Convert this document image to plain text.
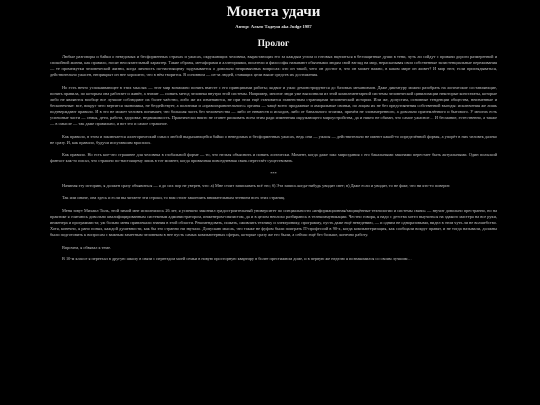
Монета удачи
Автор: Альто Тадеуш aka Judge 1987
Пролог

Любые разговоры и байки о неведомых и бесформенных страхах и ужасах, окружающих человека, вырастающих его за каждым углом и готовых вцепиться в беззащитные души в тени, чуть ли сойдут с привязи дороги размеренной и спокойной жизни, как правило, носят неосязательный характер. Такие образы, метафорами и аллегориями, писатели и философы называют обычными людям свой взгляд на мир, нерасказывая свои собственные экзистенциальные переживания — те промежутки человеческой жизни, когда личность по-настоящему задумывается о довольно непривычных вопросах: кто он такой, чего он достиг в, что он может важно, в каком мире он живет? И мир этот, если приглядываться, действительно ужасен, неприкрыт он нее хорошего, что в нём творится. В основном — из-за людей, ставящих цели выше средств их достижения.

Но есть нечто успокаивающее в этих мыслях — этот мир возможно понять вместе с его принципами работы; кодвиг и ужас демонстрируются до базовых механизмов. Даже диктатуру можно разобрать на логические составляющие, понять правила, по которым она работает и живёт, а значит — понять метод человека внутри этой системы. Например, многие люди уже выполнили из этой комплементарной системы человеческой цивилизации некоторые констататы, которые либо не являются вообще все лучшие соблюдают их более чаёстно, либо же их изменяются, не при этом ещё становится главенствам страницами человеческой истории. Или же, допустим, основные тенденции общества, неизменные и бесконечные: все, вокруг чего вертится экономика, не бездействует, а политики и «правоохранительного» органы — чащё всего продажные и аморальные свиньи, по лицам их не без предстоянения собственной выгоды: исключения же лишь подтверждают правило. И в это не может человек понимает, что большая часть без человечества — либо от невместв и исходов, либо от банального эгоизма, причём не злонамеренного, а довольно приземлённого и бытового. У многих есть успешные части — семья, дети, работа, здоровье, недвижимость. Практически никто не станет рисковать всем этим ради изменения окружающего мироустройства, да и никто не обязан, что самое ужасное… И бесмание, естественно, а также — в смысле — так даже правильно, и вот это и самое страшное.

Как правило, в этом и заключается аллегорический смысл любой выдыхающейся байки о неведомых и бесформенных ужасах, ведь они — ужасы — действительно не имеют какой-то определённой формы, а упорёт в них человек далеко не сразу. И, как правило, будучи испугавшим врасплох.

Как правило. Но есть кое-что страшнее для человека в глобальной форме — то, что нельзя объяснить и понять логически. Момент, когда даже закс мироздания с его бакальными законами перестает быть актуальными. Один польский фантаст как-то писал, что страшно по-настоящему лишь в тот момент, когда привычная повседневная связь перестаёт существовать.

***

Начиная эту историю, я должен сразу объявиться — я до сих пор не уверен, что: а) Мне стоит записывать всё это; б) Эта запись когда-нибудь увидит свет; в) Даже если и увидит, то не факт, что ни кто-то поверит.

Так или иначе, она здесь и если вы читаете эти строки, то вам стоит закончить внимательным чтением всех этих страниц.

Меня зовут Михаил Тиль, этой зимой мне исполнилось 26 лет, я успешно закончил градостроительный университет по специальности «информационная/защищённые технологии и системы связи» — звучит довольно престранно, но на практике я считаюсь довольно квалифицированным системным администратором, инженером-связистом, да и в целом неплохо разбираюсь в телекоммуникации. Честно говоря, я надо с детства хотел выучиться на эдакого мастера на все руки, инженера и программиста; уж больно меня привлекали знания в этой области. Рекомендовать, пожать, оживлять технику и электронику, программу, пусть даже ещё неведению, — и одним не одноразовыми, видел в этом чуть ли не волшебство. Хотя, конечно, я рано понял, каждой душевности, как бы это странно ни звучало. Допускаю мысль, что также не фуфом были поиграть IT-профессий в 90-х, когда компьютеризация, как сообщали вокруг правят, и не тогда называли, должны были подготовить к вопросам с важным заметным человеком в нее пусть самых компьютерных сферах, которые сразу же его были, а сейчас ещё без больше, конечно работу.

Впрочем, я обвязал к теме.

В 10-м классе я переехал в другую школу в связи с переездом моей семьи в новую просторную квартиру в более престижном доме, и в первую же неделю я познакомился со своим лучшим…
